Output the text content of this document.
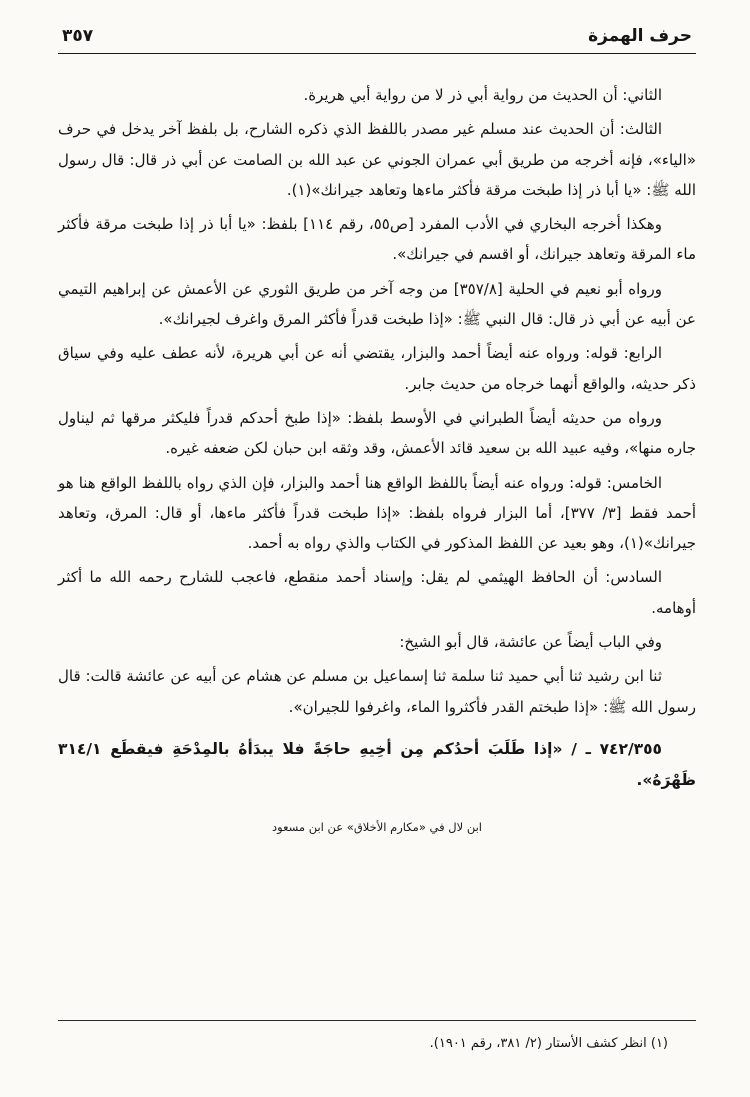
حرف الهمزة
٣٥٧

الثاني: أن الحديث من رواية أبي ذر لا من رواية أبي هريرة.

الثالث: أن الحديث عند مسلم غير مصدر باللفظ الذي ذكره الشارح، بل بلفظ آخر يدخل في حرف «الياء»، فإنه أخرجه من طريق أبي عمران الجوني عن عبد الله بن الصامت عن أبي ذر قال: قال رسول الله ﷺ: «يا أبا ذر إذا طبخت مرقة فأكثر ماءها وتعاهد جيرانك»(١).

وهكذا أخرجه البخاري في الأدب المفرد [ص٥٥، رقم ١١٤] بلفظ: «يا أبا ذر إذا طبخت مرقة فأكثر ماء المرقة وتعاهد جيرانك، أو اقسم في جيرانك».

ورواه أبو نعيم في الحلية [٣٥٧/٨] من وجه آخر من طريق الثوري عن الأعمش عن إبراهيم التيمي عن أبيه عن أبي ذر قال: قال النبي ﷺ: «إذا طبخت قدراً فأكثر المرق واغرف لجيرانك».

الرابع: قوله: ورواه عنه أيضاً أحمد والبزار، يقتضي أنه عن أبي هريرة، لأنه عطف عليه وفي سياق ذكر حديثه، والواقع أنهما خرجاه من حديث جابر.

ورواه من حديثه أيضاً الطبراني في الأوسط بلفظ: «إذا طبخ أحدكم قدراً فليكثر مرقها ثم ليناول جاره منها»، وفيه عبيد الله بن سعيد قائد الأعمش، وقد وثقه ابن حبان لكن ضعفه غيره.

الخامس: قوله: ورواه عنه أيضاً باللفظ الواقع هنا أحمد والبزار، فإن الذي رواه باللفظ الواقع هنا هو أحمد فقط [٣/ ٣٧٧]، أما البزار فرواه بلفظ: «إذا طبخت قدراً فأكثر ماءها، أو قال: المرق، وتعاهد جيرانك»(١)، وهو بعيد عن اللفظ المذكور في الكتاب والذي رواه به أحمد.

السادس: أن الحافظ الهيثمي لم يقل: وإسناد أحمد منقطع، فاعجب للشارح رحمه الله ما أكثر أوهامه.

وفي الباب أيضاً عن عائشة، قال أبو الشيخ:

ثنا ابن رشيد ثنا أبي حميد ثنا سلمة ثنا إسماعيل بن مسلم عن هشام عن أبيه عن عائشة قالت: قال رسول الله ﷺ: «إذا طبختم القدر فأكثروا الماء، واغرفوا للجيران».

٧٤٢/٣٥٥ ـ / «إذا طَلَبَ أحدُكم مِن أخِيهِ حاجَةً فلا يبدَأهُ بالمِدْحَةِ فيقطَع ٣١٤/١ ظَهْرَهُ».

ابن لال في «مكارم الأخلاق» عن ابن مسعود
(١) انظر كشف الأستار (٢/ ٣٨١، رقم ١٩٠١).
